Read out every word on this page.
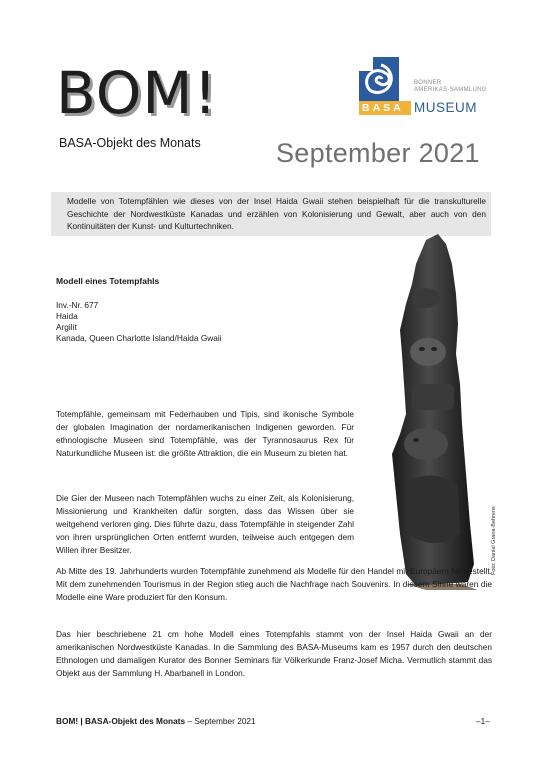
BOM!
BASA-Objekt des Monats	September 2021
BASA
BONNER
AMERIKAS-SAMMLUNG
MUSEUM
Modelle von Totempfählen wie dieses von der Insel Haida Gwaii stehen beispielhaft für die transkulturelle Geschichte der Nordwestküste Kanadas und erzählen von Kolonisierung und Gewalt, aber auch von den Kontinuitäten der Kunst- und Kulturtechniken.
Modell eines Totempfahls
Inv.-Nr. 677
Haida
Argilit
Kanada, Queen Charlotte Island/Haida Gwaii
Foto: Daniel Grana-Behrens
Totempfähle, gemeinsam mit Federhauben und Tipis, sind ikonische Symbole der globalen Imagination der nordamerikanischen Indigenen geworden. Für ethnologische Museen sind Totempfähle, was der Tyrannosaurus Rex für Naturkundliche Museen ist: die größte Attraktion, die ein Museum zu bieten hat.
Die Gier der Museen nach Totempfählen wuchs zu einer Zeit, als Kolonisierung, Missionierung und Krankheiten dafür sorgten, dass das Wissen über sie weitgehend verloren ging. Dies führte dazu, dass Totempfähle in steigender Zahl von ihren ursprünglichen Orten entfernt wurden, teilweise auch entgegen dem Willen ihrer Besitzer.
Ab Mitte des 19. Jahrhunderts wurden Totempfähle zunehmend als Modelle für den Handel mit Europäern hergestellt. Mit dem zunehmenden Tourismus in der Region stieg auch die Nachfrage nach Souvenirs. In diesem Sinne waren die Modelle eine Ware produziert für den Konsum.
Das hier beschriebene 21 cm hohe Modell eines Totempfahls stammt von der Insel Haida Gwaii an der amerikanischen Nordwestküste Kanadas. In die Sammlung des BASA-Museums kam es 1957 durch den deutschen Ethnologen und damaligen Kurator des Bonner Seminars für Völkerkunde Franz-Josef Micha. Vermutlich stammt das Objekt aus der Sammlung H. Abarbanell in London.
BOM! | BASA-Objekt des Monats – September 2021	–1–
